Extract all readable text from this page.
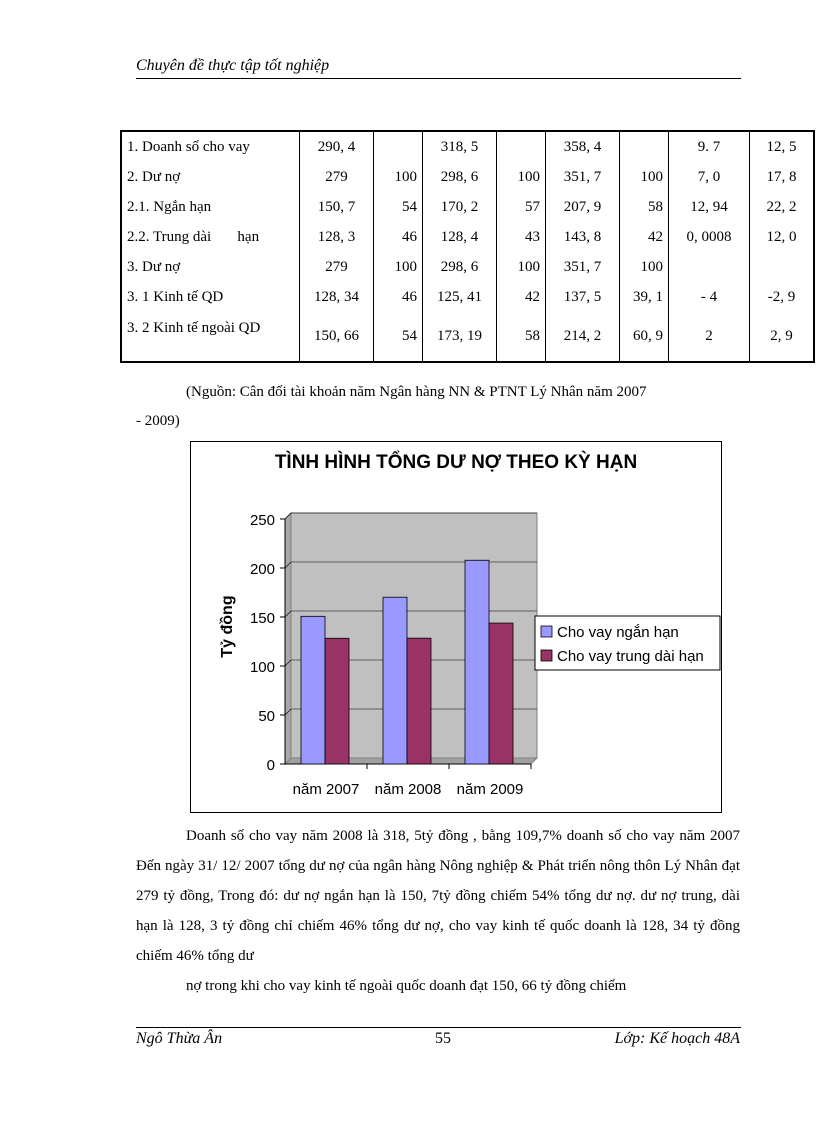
Chuyên đề thực tập tốt nghiệp
1. Doanh số cho vay	290, 4		318, 5		358, 4		9. 7	12, 5
2. Dư nợ	279	100	298, 6	100	351, 7	100	7, 0	17, 8
2.1. Ngắn hạn	150, 7	54	170, 2	57	207, 9	58	12, 94	22, 2
2.2. Trung dài       hạn	128, 3	46	128, 4	43	143, 8	42	0, 0008	12, 0
3. Dư nợ	279	100	298, 6	100	351, 7	100		
3. 1 Kinh tế QD	128, 34	46	125, 41	42	137, 5	39, 1	- 4	-2, 9
3. 2 Kinh tế ngoài QD	150, 66	54	173, 19	58	214, 2	60, 9	2	2, 9
(Nguồn: Cân đối tài khoản năm Ngân hàng NN & PTNT Lý Nhân năm 2007
- 2009)
TÌNH HÌNH TỔNG DƯ NỢ THEO KỲ HẠN
0
50
100
150
200
250
Tỷ đồng
năm 2007 năm 2008 năm 2009
Cho vay ngắn hạn
Cho vay trung dài hạn

Doanh số cho vay năm 2008 là 318, 5tỷ đồng , bằng 109,7% doanh số cho vay năm 2007 Đến ngày 31/ 12/ 2007 tổng dư nợ của ngân hàng Nông nghiệp & Phát triển nông thôn Lý Nhân đạt 279 tỷ đồng, Trong đó: dư nợ ngắn hạn là 150, 7tỷ đồng chiếm 54% tổng dư nợ. dư nợ trung, dài hạn là 128, 3 tỷ đồng chỉ chiếm 46% tổng dư nợ, cho vay kinh tế quốc doanh là 128, 34 tỷ đồng chiếm 46% tổng dư

nợ trong khi cho vay kinh tế ngoài quốc doanh đạt 150, 66 tỷ đồng chiếm

Ngô Thừa Ân	55	Lớp: Kế hoạch 48A
